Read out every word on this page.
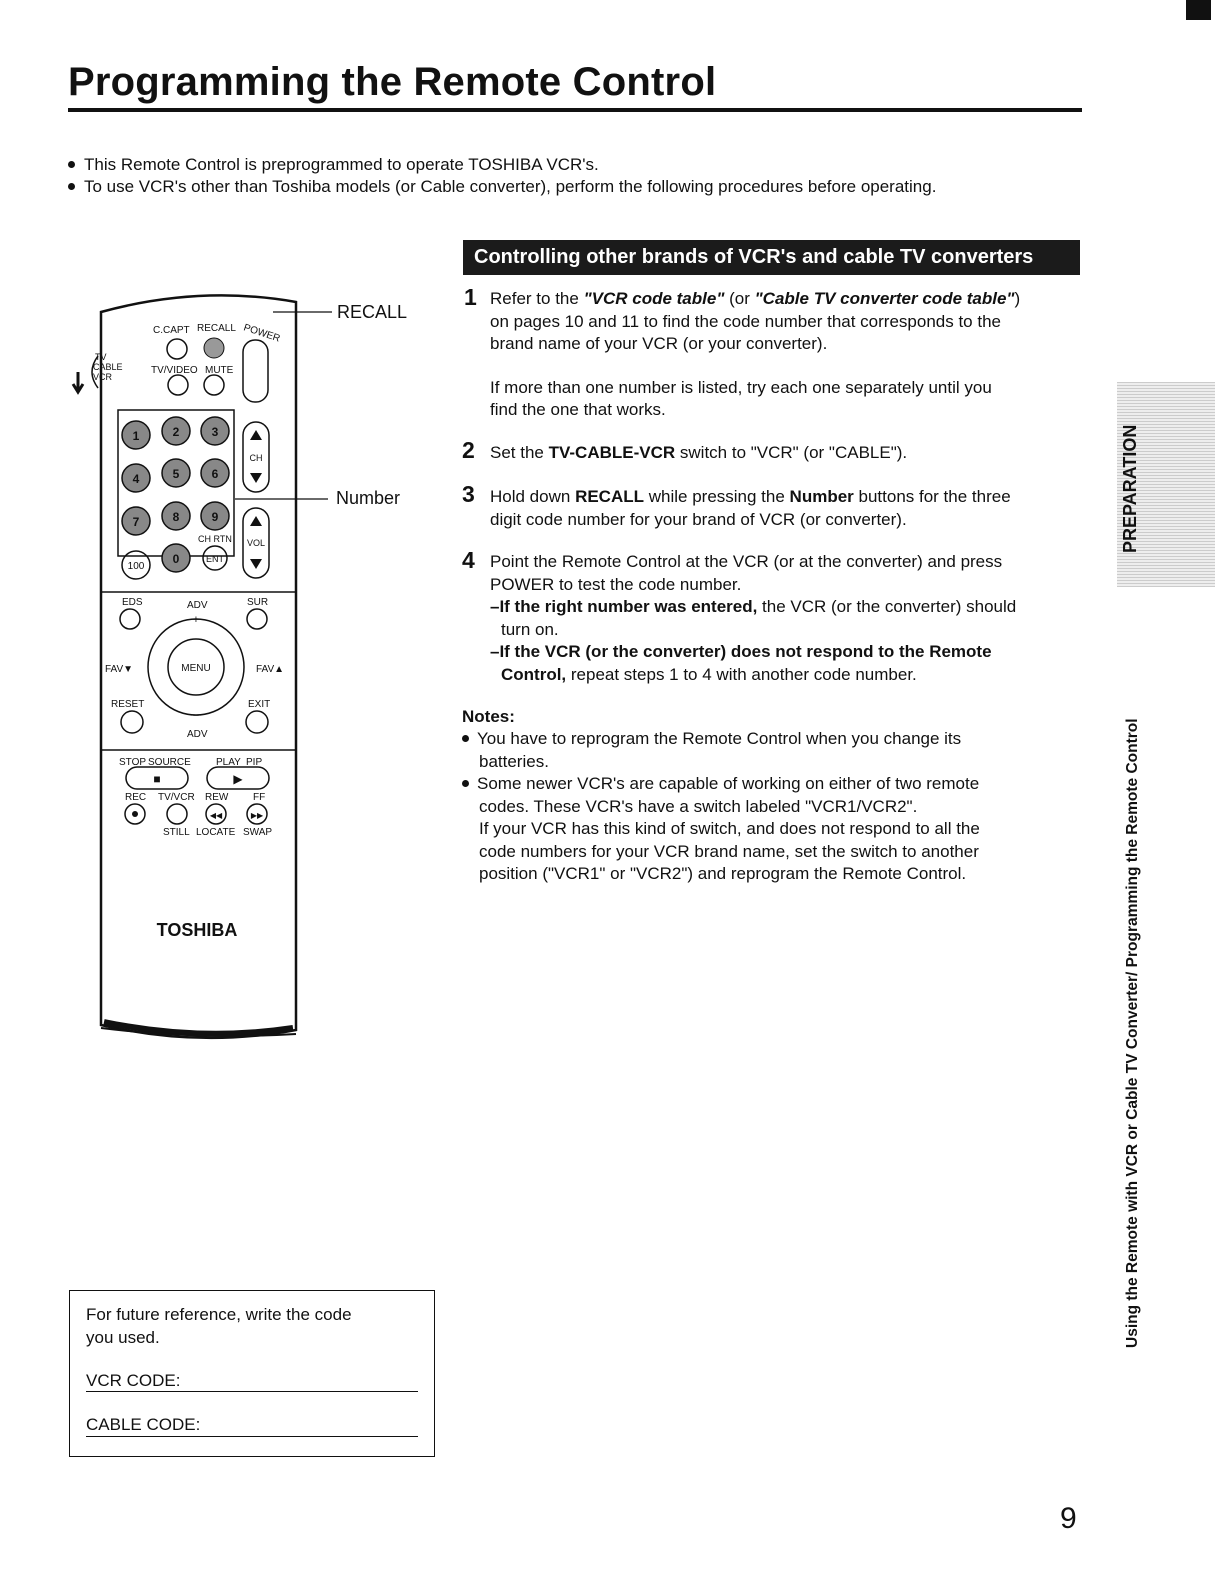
Programming the Remote Control
This Remote Control is preprogrammed to operate TOSHIBA VCR's.
To use VCR's other than Toshiba models (or Cable converter), perform the following procedures before operating.
C.CAPT RECALL POWER
TV
CABLE
VCR
TV/VIDEO MUTE
1	2	3
4	5	6
7	8	9
0
100
ENT
CH RTN
CH
VOL
EDS	ADV	SUR
MENU
+
−
FAV▼	FAV▲
RESET	EXIT
ADV
STOP SOURCE	PLAY PIP
■	▶
REC TV/VCR REW FF
◀◀	▶▶
STILL LOCATE SWAP
TOSHIBA
RECALL
Number
Controlling other brands of VCR's and cable TV converters
1 Refer to the "VCR code table" (or "Cable TV converter code table")
on pages 10 and 11 to find the code number that corresponds to the
brand name of your VCR (or your converter).
If more than one number is listed, try each one separately until you
find the one that works.
2 Set the TV-CABLE-VCR switch to "VCR" (or "CABLE").
3 Hold down RECALL while pressing the Number buttons for the three
digit code number for your brand of VCR (or converter).
4 Point the Remote Control at the VCR (or at the converter) and press
POWER to test the code number.
–If the right number was entered, the VCR (or the converter) should
turn on.
–If the VCR (or the converter) does not respond to the Remote
Control, repeat steps 1 to 4 with another code number.
Notes:
You have to reprogram the Remote Control when you change its
batteries.
Some newer VCR's are capable of working on either of two remote
codes. These VCR's have a switch labeled "VCR1/VCR2".
If your VCR has this kind of switch, and does not respond to all the
code numbers for your VCR brand name, set the switch to another
position ("VCR1" or "VCR2") and reprogram the Remote Control.
For future reference, write the code
you used.
VCR CODE:
CABLE CODE:
PREPARATION
Using the Remote with VCR or Cable TV Converter/ Programming the Remote Control
9
